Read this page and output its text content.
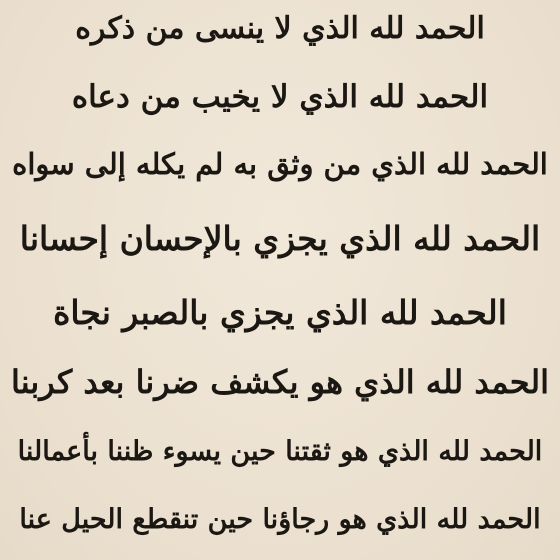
الحمد لله الذي لا ينسى من ذكره
الحمد لله الذي لا يخيب من دعاه
الحمد لله الذي من وثق به لم يكله إلى سواه
الحمد لله الذي يجزي بالإحسان إحسانا
الحمد لله الذي يجزي بالصبر نجاة
الحمد لله الذي هو يكشف ضرنا بعد كربنا
الحمد لله الذي هو ثقتنا حين يسوء ظننا بأعمالنا
الحمد لله الذي هو رجاؤنا حين تنقطع الحيل عنا
